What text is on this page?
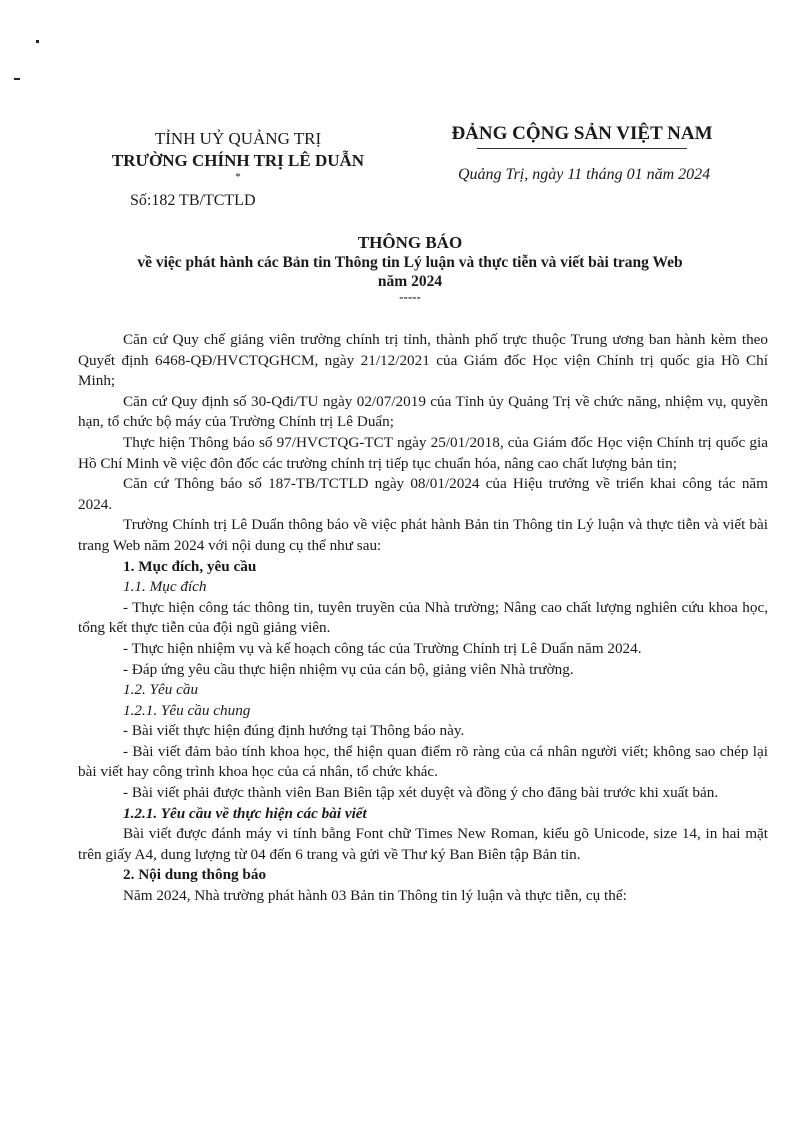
TỈNH UỶ QUẢNG TRỊ
TRƯỜNG CHÍNH TRỊ LÊ DUẪN
*
Số:182 TB/TCTLD
ĐẢNG CỘNG SẢN VIỆT NAM
Quảng Trị, ngày 11 tháng 01 năm 2024
THÔNG BÁO
về việc phát hành các Bản tin Thông tin Lý luận và thực tiễn và viết bài trang Web
năm 2024
-----

Căn cứ Quy chế giảng viên trường chính trị tỉnh, thành phố trực thuộc Trung ương ban hành kèm theo Quyết định 6468-QĐ/HVCTQGHCM, ngày 21/12/2021 của Giám đốc Học viện Chính trị quốc gia Hồ Chí Minh;

Căn cứ Quy định số 30-Qđi/TU ngày 02/07/2019 của Tỉnh ủy Quảng Trị về chức năng, nhiệm vụ, quyền hạn, tổ chức bộ máy của Trường Chính trị Lê Duẩn;

Thực hiện Thông báo số 97/HVCTQG-TCT ngày 25/01/2018, của Giám đốc Học viện Chính trị quốc gia Hồ Chí Minh về việc đôn đốc các trường chính trị tiếp tục chuẩn hóa, nâng cao chất lượng bản tin;

Căn cứ Thông báo số 187-TB/TCTLD ngày 08/01/2024 của Hiệu trưởng về triển khai công tác năm 2024.

Trường Chính trị Lê Duẩn thông báo về việc phát hành Bản tin Thông tin Lý luận và thực tiễn và viết bài trang Web năm 2024 với nội dung cụ thể như sau:

1. Mục đích, yêu cầu

1.1. Mục đích

- Thực hiện công tác thông tin, tuyên truyền của Nhà trường; Nâng cao chất lượng nghiên cứu khoa học, tổng kết thực tiễn của đội ngũ giảng viên.

- Thực hiện nhiệm vụ và kế hoạch công tác của Trường Chính trị Lê Duẩn năm 2024.

- Đáp ứng yêu cầu thực hiện nhiệm vụ của cán bộ, giảng viên Nhà trường.

1.2. Yêu cầu

1.2.1. Yêu cầu chung

- Bài viết thực hiện đúng định hướng tại Thông báo này.

- Bài viết đảm bảo tính khoa học, thể hiện quan điểm rõ ràng của cá nhân người viết; không sao chép lại bài viết hay công trình khoa học của cá nhân, tổ chức khác.

- Bài viết phải được thành viên Ban Biên tập xét duyệt và đồng ý cho đăng bài trước khi xuất bản.

1.2.1. Yêu cầu về thực hiện các bài viết

Bài viết được đánh máy vi tính bằng Font chữ Times New Roman, kiểu gõ Unicode, size 14, in hai mặt trên giấy A4, dung lượng từ 04 đến 6 trang và gửi về Thư ký Ban Biên tập Bản tin.

2. Nội dung thông báo

Năm 2024, Nhà trường phát hành 03 Bản tin Thông tin lý luận và thực tiễn, cụ thể:
